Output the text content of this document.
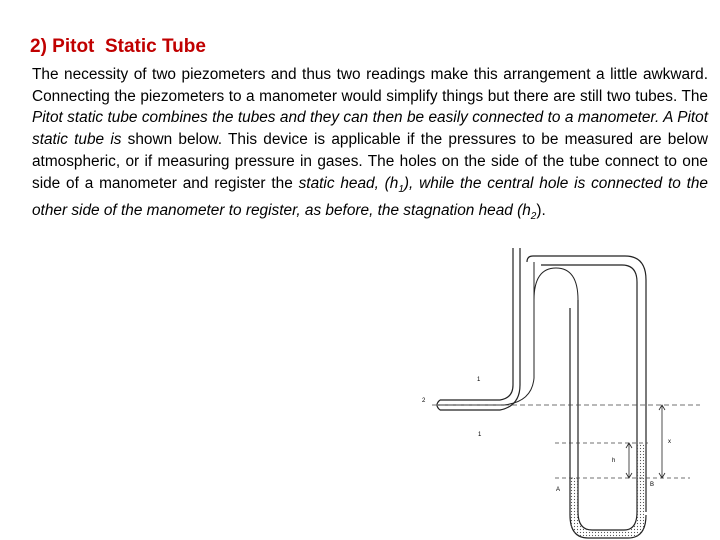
2) Pitot  Static Tube
The necessity of two piezometers and thus two readings make this arrangement a little awkward. Connecting the piezometers to a manometer would simplify things but there are still two tubes. The Pitot static tube combines the tubes and they can then be easily connected to a manometer. A Pitot static tube is shown below. This device is applicable if the pressures to be measured are below atmospheric, or if measuring pressure in gases. The holes on the side of the tube connect to one side of a manometer and register the static head, $(h_1)$, while the central hole is connected to the other side of the manometer to register, as before, the stagnation head $(h_2)$.
1
2
1
h
x
A
B
